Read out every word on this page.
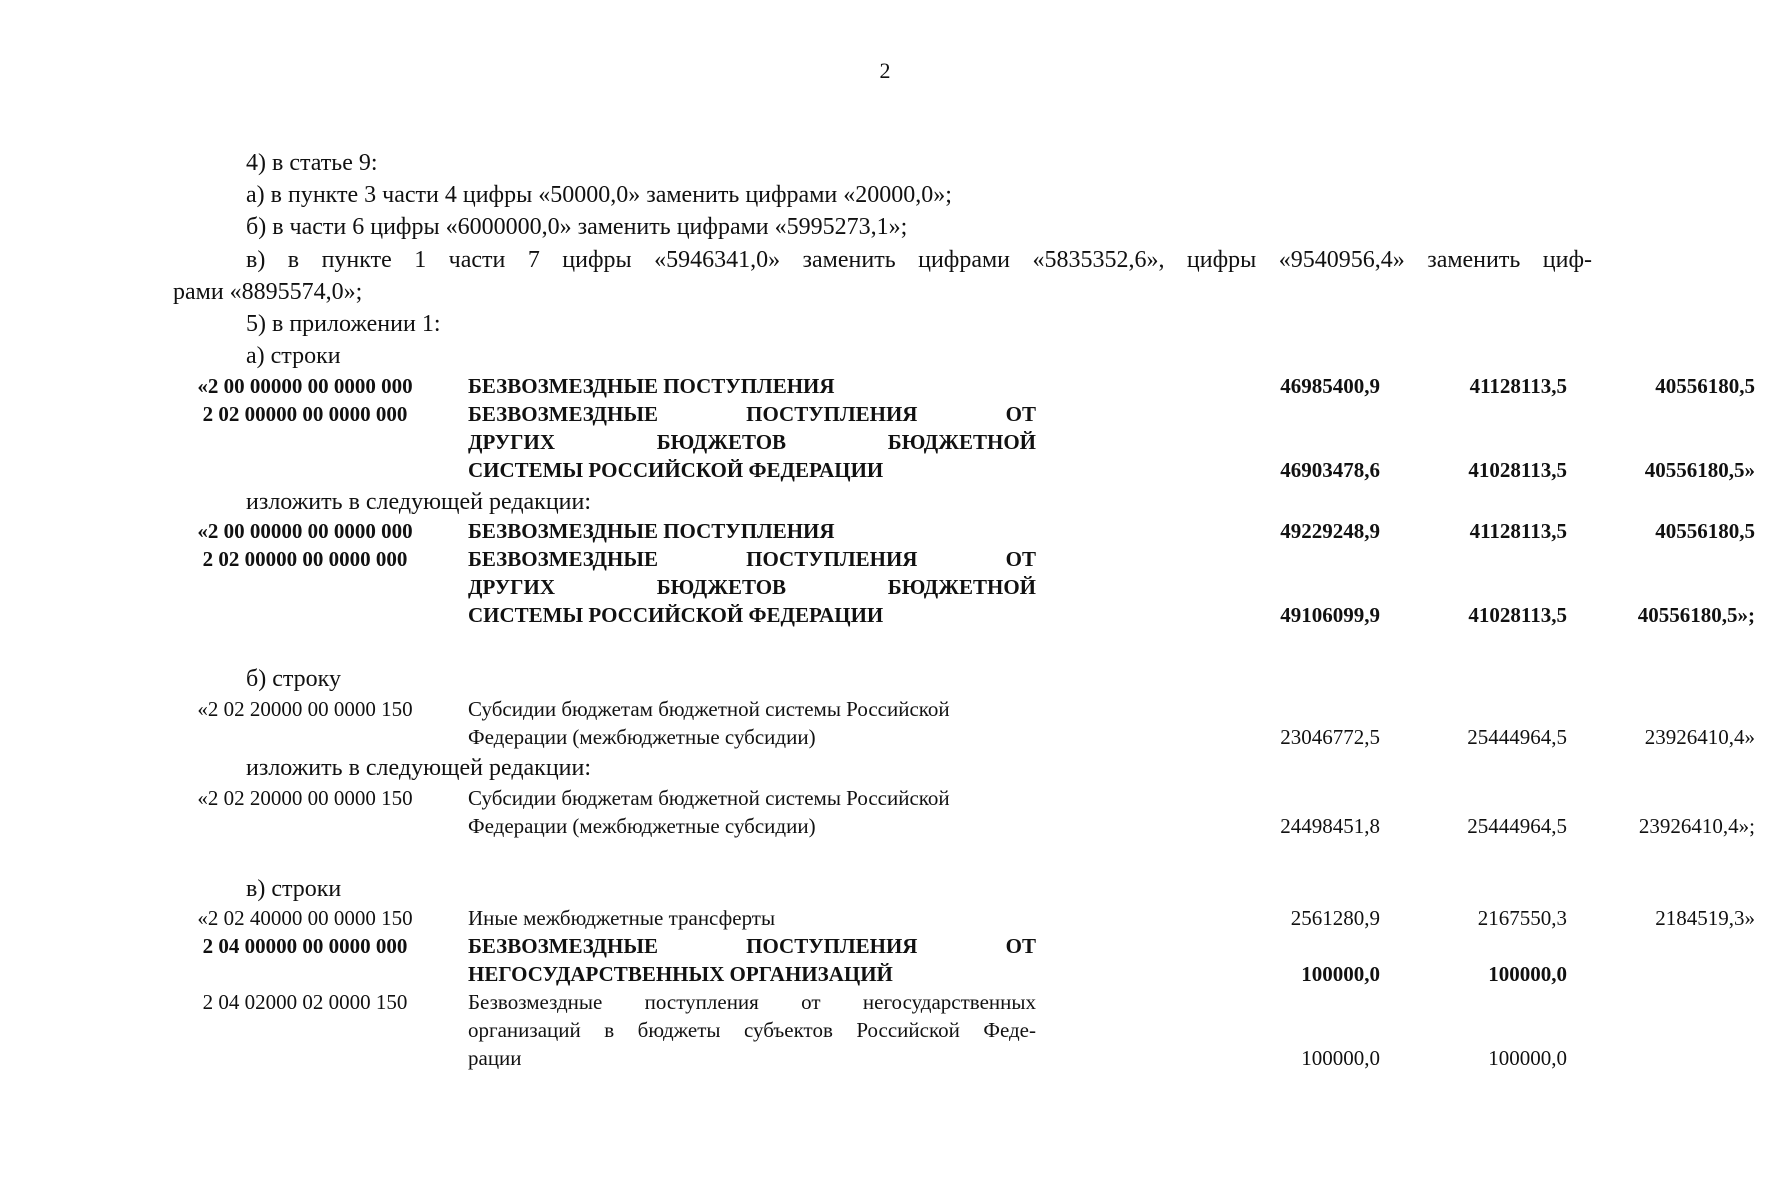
2
4) в статье 9:
а) в пункте 3 части 4 цифры «50000,0» заменить цифрами «20000,0»;
б) в части 6 цифры «6000000,0» заменить цифрами «5995273,1»;
в) в пункте 1 части 7 цифры «5946341,0» заменить цифрами «5835352,6», цифры «9540956,4» заменить циф-
рами «8895574,0»;
5) в приложении 1:
а) строки
«2 00 00000 00 0000 000	БЕЗВОЗМЕЗДНЫЕ ПОСТУПЛЕНИЯ	46985400,9	41128113,5	40556180,5
2 02 00000 00 0000 000	БЕЗВОЗМЕЗДНЫЕ ПОСТУПЛЕНИЯ ОТ
ДРУГИХ БЮДЖЕТОВ БЮДЖЕТНОЙ
СИСТЕМЫ РОССИЙСКОЙ ФЕДЕРАЦИИ	46903478,6	41028113,5	40556180,5»
изложить в следующей редакции:
«2 00 00000 00 0000 000	БЕЗВОЗМЕЗДНЫЕ ПОСТУПЛЕНИЯ	49229248,9	41128113,5	40556180,5
2 02 00000 00 0000 000	БЕЗВОЗМЕЗДНЫЕ ПОСТУПЛЕНИЯ ОТ
ДРУГИХ БЮДЖЕТОВ БЮДЖЕТНОЙ
СИСТЕМЫ РОССИЙСКОЙ ФЕДЕРАЦИИ	49106099,9	41028113,5	40556180,5»;
б) строку
«2 02 20000 00 0000 150	Субсидии бюджетам бюджетной системы Российской
Федерации (межбюджетные субсидии)	23046772,5	25444964,5	23926410,4»
изложить в следующей редакции:
«2 02 20000 00 0000 150	Субсидии бюджетам бюджетной системы Российской
Федерации (межбюджетные субсидии)	24498451,8	25444964,5	23926410,4»;
в) строки
«2 02 40000 00 0000 150	Иные межбюджетные трансферты	2561280,9	2167550,3	2184519,3»
2 04 00000 00 0000 000	БЕЗВОЗМЕЗДНЫЕ ПОСТУПЛЕНИЯ ОТ
НЕГОСУДАРСТВЕННЫХ ОРГАНИЗАЦИЙ	100000,0	100000,0
2 04 02000 02 0000 150	Безвозмездные поступления от негосударственных
организаций в бюджеты субъектов Российской Феде-
рации	100000,0	100000,0
